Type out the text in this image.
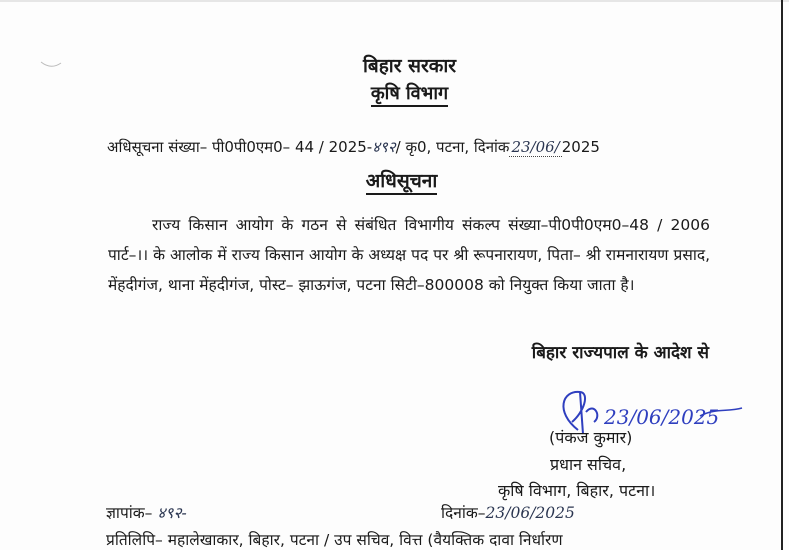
बिहार सरकार
कृषि विभाग
अधिसूचना संख्या– पी0पी0एम0– 44 / 2025-४९२/ कृ0, पटना, दिनांक 23/06/ 2025
अधिसूचना
राज्य किसान आयोग के गठन से संबंधित विभागीय संकल्प संख्या–पी0पी0एम0–48 / 2006 पार्ट–।। के आलोक में राज्य किसान आयोग के अध्यक्ष पद पर श्री रूपनारायण, पिता– श्री रामनारायण प्रसाद, मेंहदीगंज, थाना मेंहदीगंज, पोस्ट– झाऊगंज, पटना सिटी–800008 को नियुक्त किया जाता है।
बिहार राज्यपाल के आदेश से
23/06/2025
(पंकज कुमार)
प्रधान सचिव,
कृषि विभाग, बिहार, पटना।
ज्ञापांक– ४९२-	दिनांक–23/06/2025
प्रतिलिपि– महालेखाकार, बिहार, पटना / उप सचिव, वित्त (वैयक्तिक दावा निर्धारण
